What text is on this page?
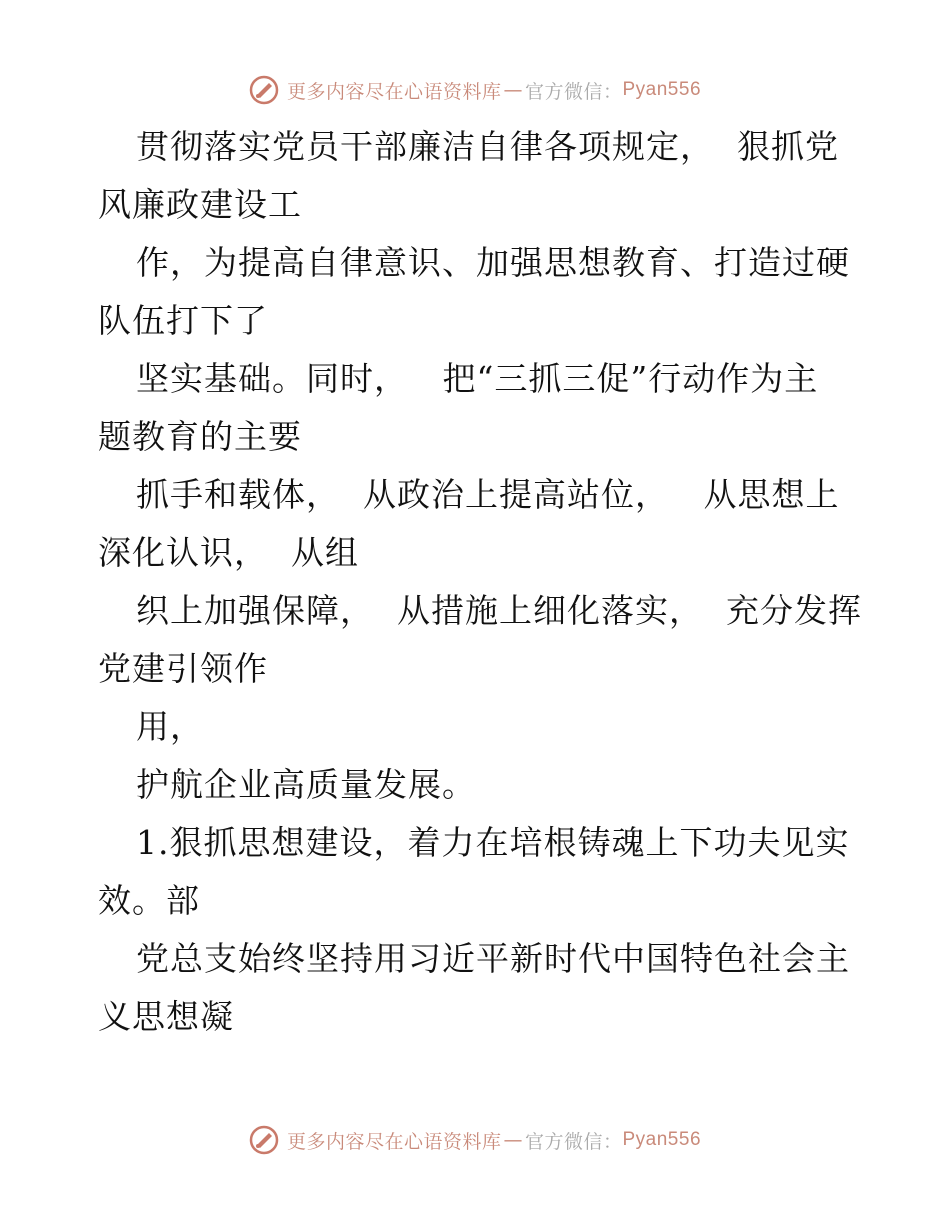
更多内容尽在心语资料库 — 官方微信： Pyan556
贯彻落实党员干部廉洁自律各项规定，  狠抓党
风廉政建设工
作，为提高自律意识、加强思想教育、打造过硬
队伍打下了
坚实基础。同时，   把“三抓三促”行动作为主
题教育的主要
抓手和载体，  从政治上提高站位，   从思想上
深化认识，  从组
织上加强保障，  从措施上细化落实，  充分发挥
党建引领作
用，
护航企业高质量发展。
1.狠抓思想建设，着力在培根铸魂上下功夫见实
效。部
党总支始终坚持用习近平新时代中国特色社会主
义思想凝
更多内容尽在心语资料库 — 官方微信： Pyan556
